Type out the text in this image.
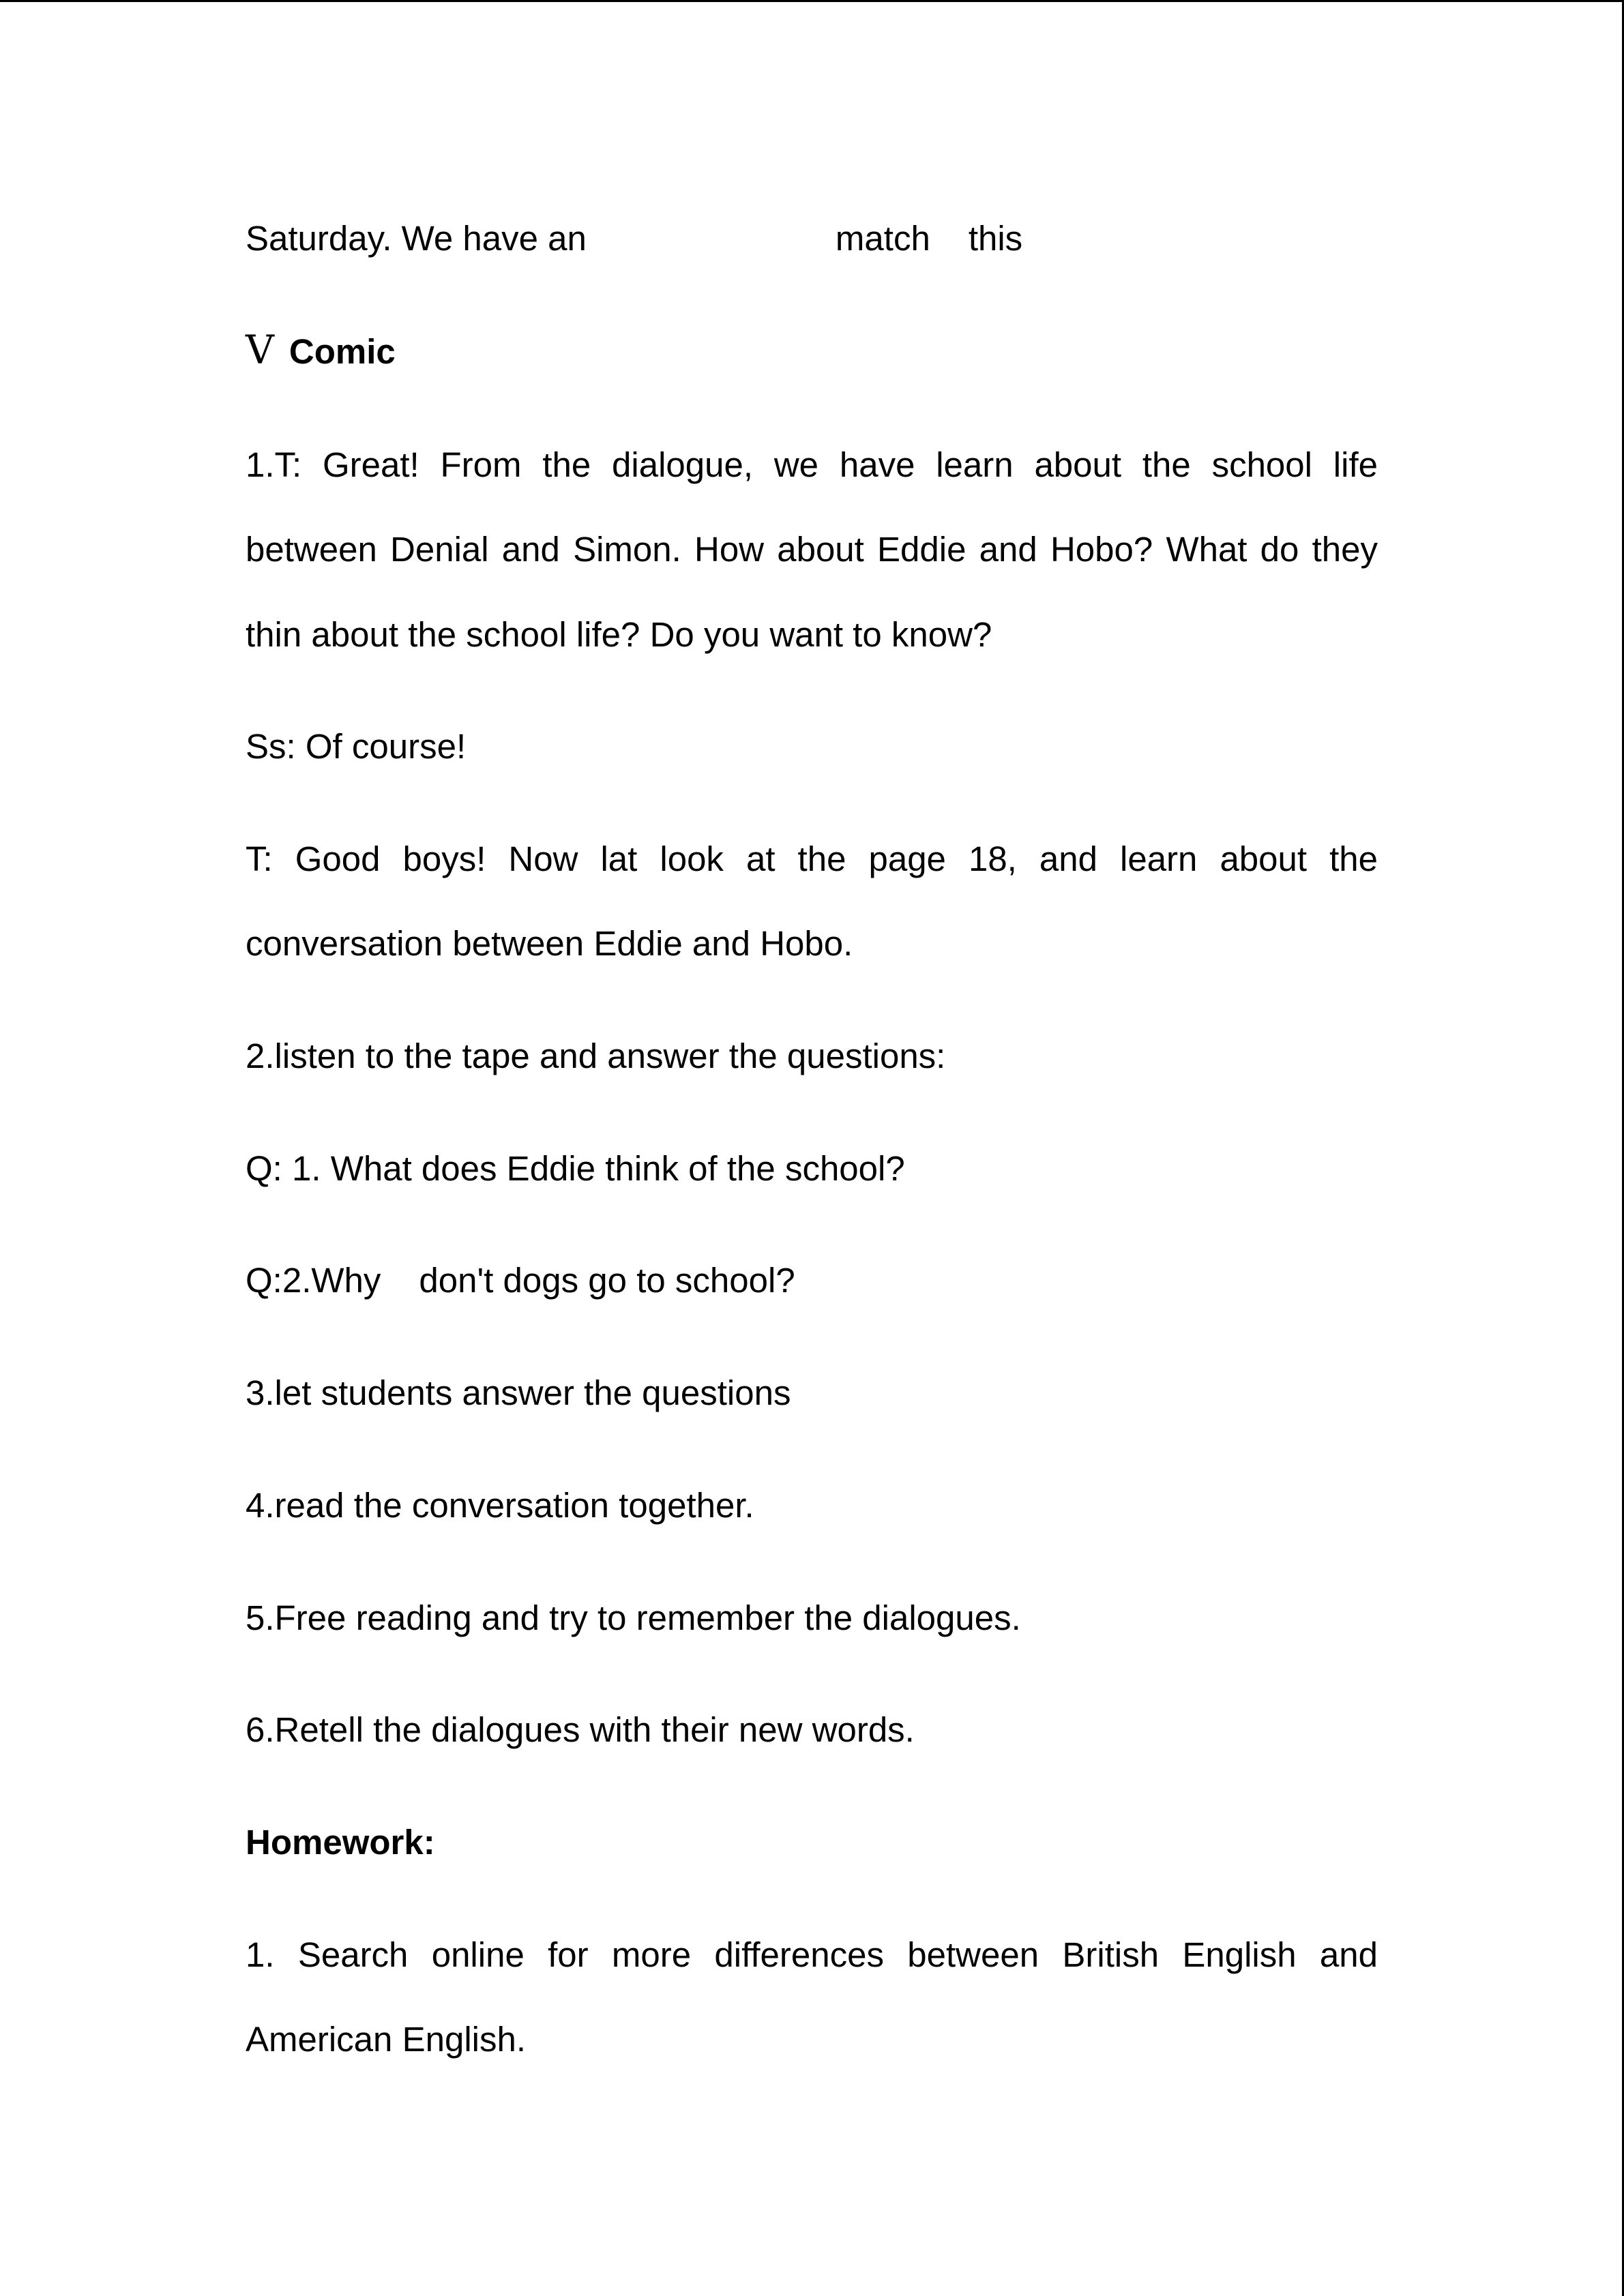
Saturday. We have an	match this
Ⅴ Comic
1.T: Great! From the dialogue, we have learn about the school life
between Denial and Simon. How about Eddie and Hobo? What do they
thin about the school life? Do you want to know?
Ss: Of course!
T: Good boys! Now lat look at the page 18, and learn about the
conversation between Eddie and Hobo.
2.listen to the tape and answer the questions:
Q: 1. What does Eddie think of the school?
Q:2.Why don't dogs go to school?
3.let students answer the questions
4.read the conversation together.
5.Free reading and try to remember the dialogues.
6.Retell the dialogues with their new words.
Homework:
1. Search online for more differences between British English and
American English.
